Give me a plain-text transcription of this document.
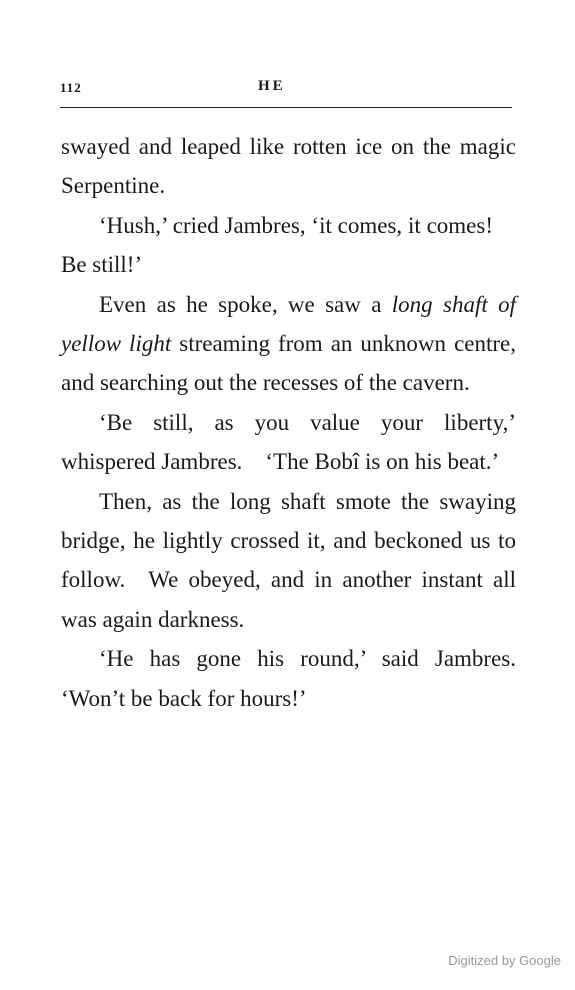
112	HE

swayed and leaped like rotten ice on the magic Serpentine.

‘Hush,’ cried Jambres, ‘it comes, it comes! Be still!’

Even as he spoke, we saw a long shaft of yellow light streaming from an unknown centre, and searching out the recesses of the cavern.

‘Be still, as you value your liberty,’ whispered Jambres. ‘The Bobî is on his beat.’

Then, as the long shaft smote the swaying bridge, he lightly crossed it, and beckoned us to follow. We obeyed, and in another instant all was again darkness.

‘He has gone his round,’ said Jambres. ‘Won’t be back for hours!’

Digitized by Google
